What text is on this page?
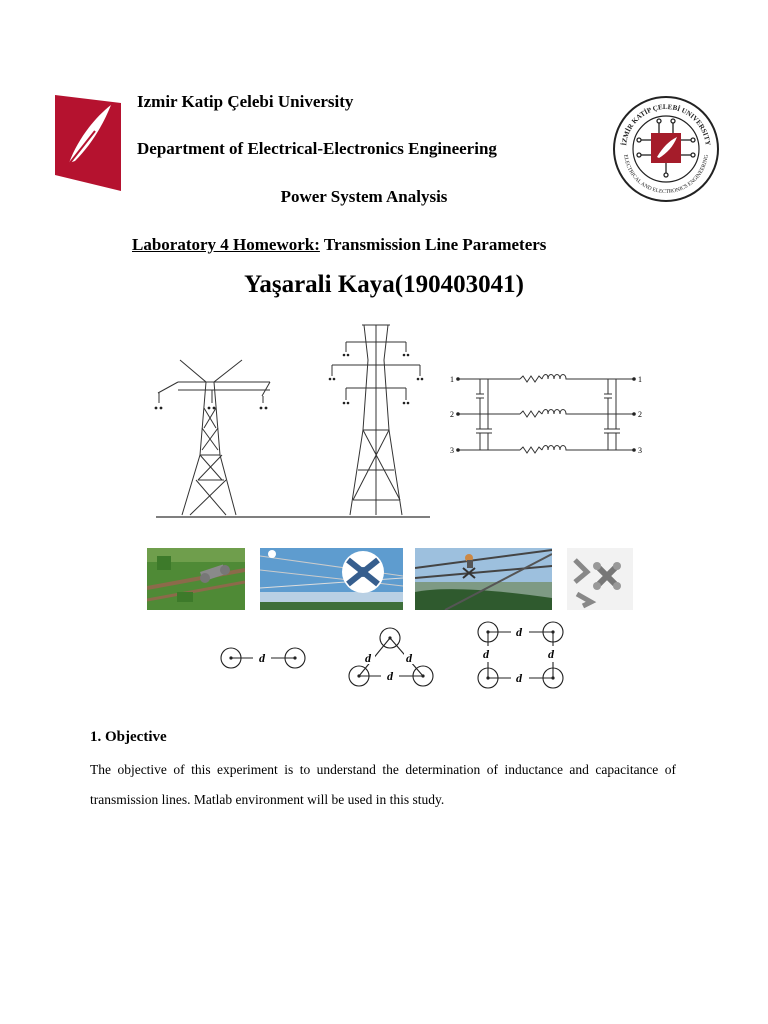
Izmir Katip Çelebi University
Department of Electrical-Electronics Engineering
Power System Analysis
Laboratory 4 Homework: Transmission Line Parameters
Yaşarali Kaya(190403041)
İZMİR KATİP ÇELEBİ UNIVERSITY
ELECTRICAL AND ELECTRONICS ENGINEERING
1
2
3
1
2
3
d	d	d
d
d
d
d	d
1. Objective
The objective of this experiment is to understand the determination of inductance and capacitance of transmission lines. Matlab environment will be used in this study.
